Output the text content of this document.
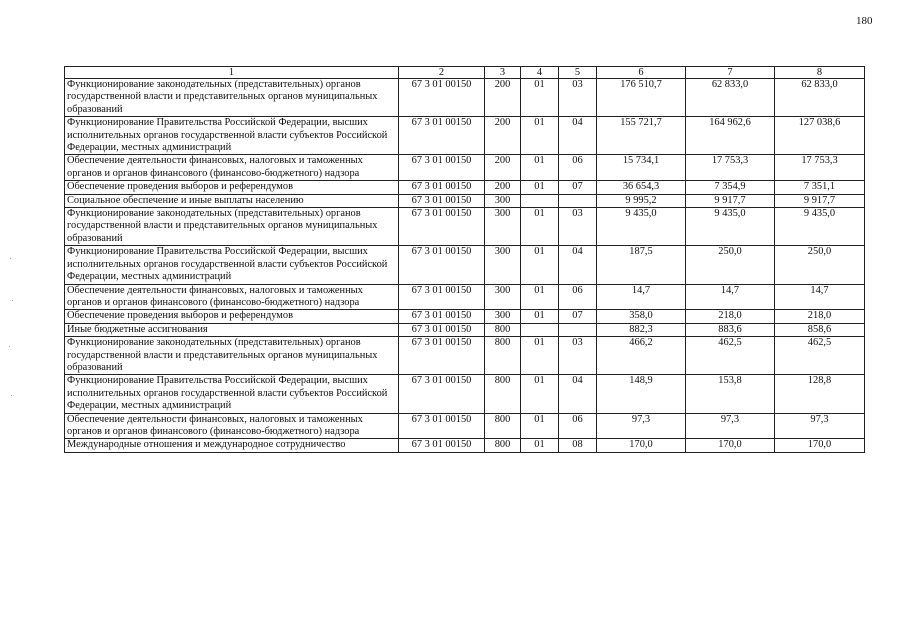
180
1	2	3	4	5	6	7	8
Функционирование законодательных (представительных) органов государственной власти и представительных органов муниципальных образований	67 3 01 00150	200	01	03	176 510,7	62 833,0	62 833,0
Функционирование Правительства Российской Федерации, высших исполнительных органов государственной власти субъектов Российской Федерации, местных администраций	67 3 01 00150	200	01	04	155 721,7	164 962,6	127 038,6
Обеспечение деятельности финансовых, налоговых и таможенных органов и органов финансового (финансово-бюджетного) надзора	67 3 01 00150	200	01	06	15 734,1	17 753,3	17 753,3
Обеспечение проведения выборов и референдумов	67 3 01 00150	200	01	07	36 654,3	7 354,9	7 351,1
Социальное обеспечение и иные выплаты населению	67 3 01 00150	300			9 995,2	9 917,7	9 917,7
Функционирование законодательных (представительных) органов государственной власти и представительных органов муниципальных образований	67 3 01 00150	300	01	03	9 435,0	9 435,0	9 435,0
Функционирование Правительства Российской Федерации, высших исполнительных органов государственной власти субъектов Российской Федерации, местных администраций	67 3 01 00150	300	01	04	187,5	250,0	250,0
Обеспечение деятельности финансовых, налоговых и таможенных органов и органов финансового (финансово-бюджетного) надзора	67 3 01 00150	300	01	06	14,7	14,7	14,7
Обеспечение проведения выборов и референдумов	67 3 01 00150	300	01	07	358,0	218,0	218,0
Иные бюджетные ассигнования	67 3 01 00150	800			882,3	883,6	858,6
Функционирование законодательных (представительных) органов государственной власти и представительных органов муниципальных образований	67 3 01 00150	800	01	03	466,2	462,5	462,5
Функционирование Правительства Российской Федерации, высших исполнительных органов государственной власти субъектов Российской Федерации, местных администраций	67 3 01 00150	800	01	04	148,9	153,8	128,8
Обеспечение деятельности финансовых, налоговых и таможенных органов и органов финансового (финансово-бюджетного) надзора	67 3 01 00150	800	01	06	97,3	97,3	97,3
Международные отношения и международное сотрудничество	67 3 01 00150	800	01	08	170,0	170,0	170,0
